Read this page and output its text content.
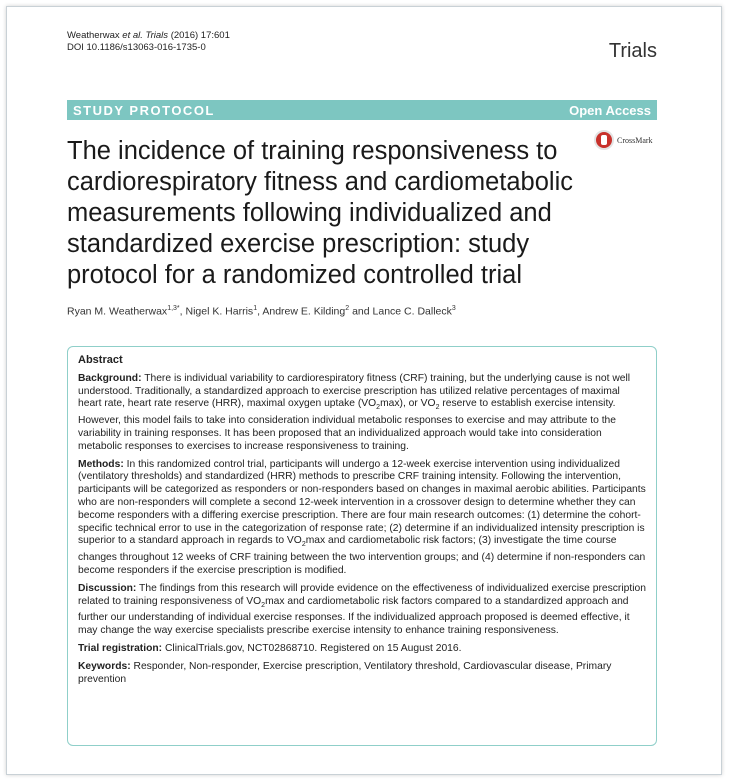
Weatherwax et al. Trials (2016) 17:601
DOI 10.1186/s13063-016-1735-0	Trials
STUDY PROTOCOL	Open Access
The incidence of training responsiveness to cardiorespiratory fitness and cardiometabolic measurements following individualized and standardized exercise prescription: study protocol for a randomized controlled trial
CrossMark
Ryan M. Weatherwax$^{1,3*}$, Nigel K. Harris$^1$, Andrew E. Kilding$^2$ and Lance C. Dalleck$^3$
Abstract

Background: There is individual variability to cardiorespiratory fitness (CRF) training, but the underlying cause is not well understood. Traditionally, a standardized approach to exercise prescription has utilized relative percentages of maximal heart rate, heart rate reserve (HRR), maximal oxygen uptake $(VO_2\max)$, or $VO_2$ reserve to establish exercise intensity. However, this model fails to take into consideration individual metabolic responses to exercise and may attribute to the variability in training responses. It has been proposed that an individualized approach would take into consideration metabolic responses to exercises to increase responsiveness to training.

Methods: In this randomized control trial, participants will undergo a 12-week exercise intervention using individualized (ventilatory thresholds) and standardized (HRR) methods to prescribe CRF training intensity. Following the intervention, participants will be categorized as responders or non-responders based on changes in maximal aerobic abilities. Participants who are non-responders will complete a second 12-week intervention in a crossover design to determine whether they can become responders with a differing exercise prescription. There are four main research outcomes: (1) determine the cohort-specific technical error to use in the categorization of response rate; (2) determine if an individualized intensity prescription is superior to a standard approach in regards to $VO_2\max$ and cardiometabolic risk factors; (3) investigate the time course changes throughout 12 weeks of CRF training between the two intervention groups; and (4) determine if non-responders can become responders if the exercise prescription is modified.

Discussion: The findings from this research will provide evidence on the effectiveness of individualized exercise prescription related to training responsiveness of $VO_2\max$ and cardiometabolic risk factors compared to a standardized approach and further our understanding of individual exercise responses. If the individualized approach proposed is deemed effective, it may change the way exercise specialists prescribe exercise intensity to enhance training responsiveness.

Trial registration: ClinicalTrials.gov, NCT02868710. Registered on 15 August 2016.

Keywords: Responder, Non-responder, Exercise prescription, Ventilatory threshold, Cardiovascular disease, Primary prevention
